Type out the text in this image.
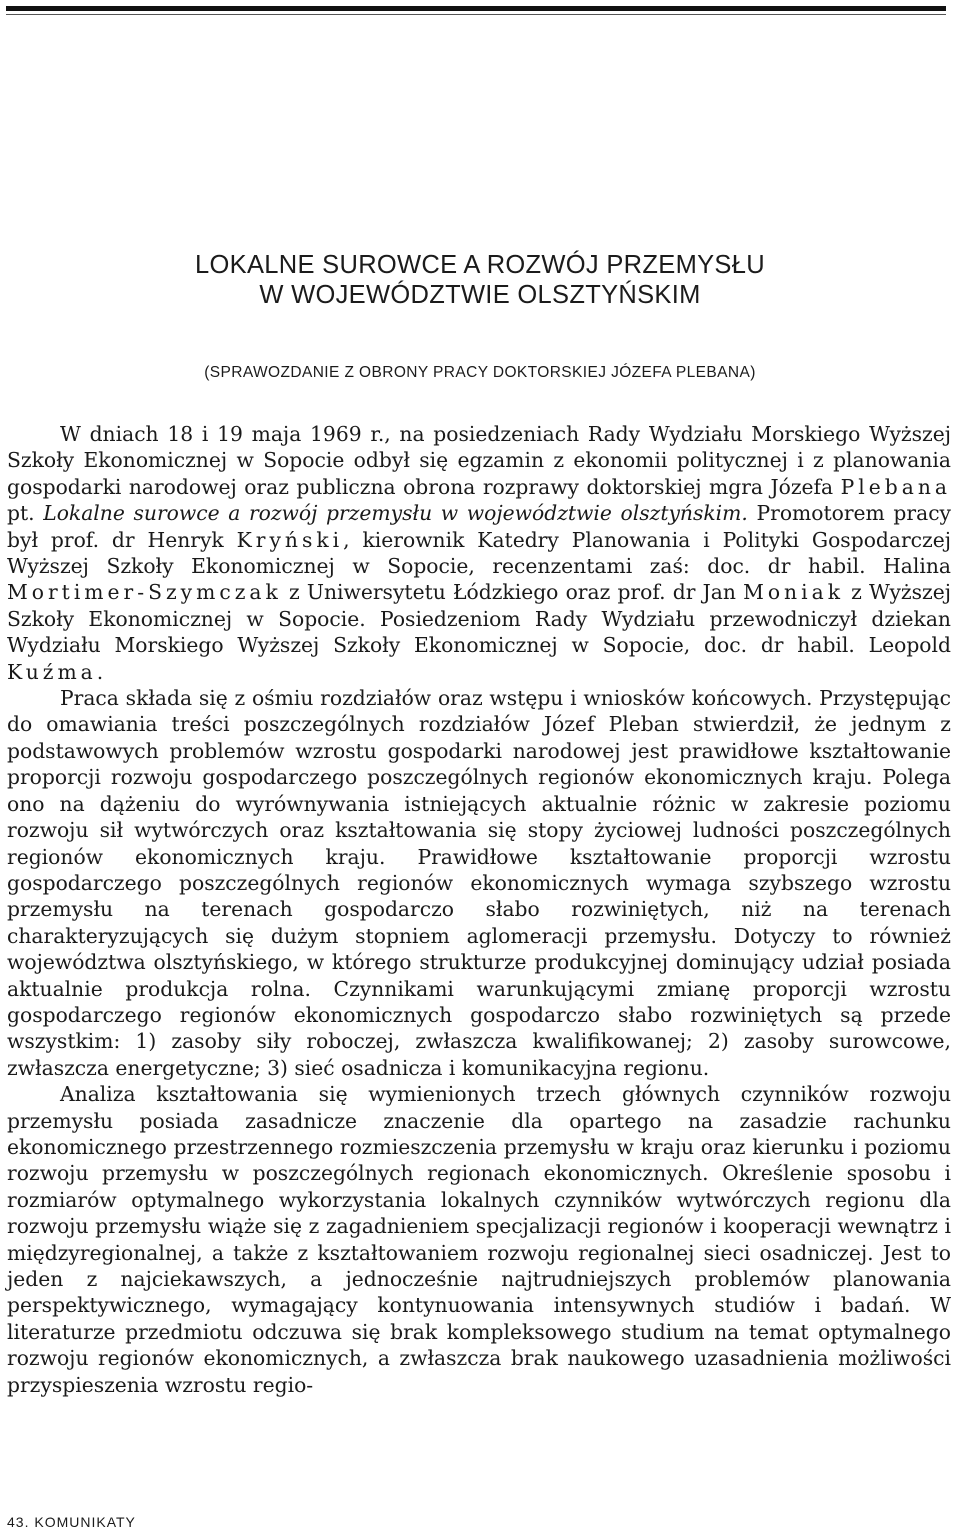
LOKALNE SUROWCE A ROZWÓJ PRZEMYSŁU
W WOJEWÓDZTWIE OLSZTYŃSKIM
(SPRAWOZDANIE Z OBRONY PRACY DOKTORSKIEJ JÓZEFA PLEBANA)

W dniach 18 i 19 maja 1969 r., na posiedzeniach Rady Wydziału Morskiego Wyższej Szkoły Ekonomicznej w Sopocie odbył się egzamin z ekonomii politycznej i z planowania gospodarki narodowej oraz publiczna obrona rozprawy doktorskiej mgra Józefa Plebana pt. Lokalne surowce a rozwój przemysłu w województwie olsztyńskim. Promotorem pracy był prof. dr Henryk Kryński, kierownik Katedry Planowania i Polityki Gospodarczej Wyższej Szkoły Ekonomicznej w Sopocie, recenzentami zaś: doc. dr habil. Halina Mortimer-Szymczak z Uniwersytetu Łódzkiego oraz prof. dr Jan Moniak z Wyższej Szkoły Ekonomicznej w Sopocie. Posiedzeniom Rady Wydziału przewodniczył dziekan Wydziału Morskiego Wyższej Szkoły Ekonomicznej w Sopocie, doc. dr habil. Leopold Kuźma.

Praca składa się z ośmiu rozdziałów oraz wstępu i wniosków końcowych. Przystępując do omawiania treści poszczególnych rozdziałów Józef Pleban stwierdził, że jednym z podstawowych problemów wzrostu gospodarki narodowej jest prawidłowe kształtowanie proporcji rozwoju gospodarczego poszczególnych regionów ekonomicznych kraju. Polega ono na dążeniu do wyrównywania istniejących aktualnie różnic w zakresie poziomu rozwoju sił wytwórczych oraz kształtowania się stopy życiowej ludności poszczególnych regionów ekonomicznych kraju. Prawidłowe kształtowanie proporcji wzrostu gospodarczego poszczególnych regionów ekonomicznych wymaga szybszego wzrostu przemysłu na terenach gospodarczo słabo rozwiniętych, niż na terenach charakteryzujących się dużym stopniem aglomeracji przemysłu. Dotyczy to również województwa olsztyńskiego, w którego strukturze produkcyjnej dominujący udział posiada aktualnie produkcja rolna. Czynnikami warunkującymi zmianę proporcji wzrostu gospodarczego regionów ekonomicznych gospodarczo słabo rozwiniętych są przede wszystkim: 1) zasoby siły roboczej, zwłaszcza kwalifikowanej; 2) zasoby surowcowe, zwłaszcza energetyczne; 3) sieć osadnicza i komunikacyjna regionu.

Analiza kształtowania się wymienionych trzech głównych czynników rozwoju przemysłu posiada zasadnicze znaczenie dla opartego na zasadzie rachunku ekonomicznego przestrzennego rozmieszczenia przemysłu w kraju oraz kierunku i poziomu rozwoju przemysłu w poszczególnych regionach ekonomicznych. Określenie sposobu i rozmiarów optymalnego wykorzystania lokalnych czynników wytwórczych regionu dla rozwoju przemysłu wiąże się z zagadnieniem specjalizacji regionów i kooperacji wewnątrz i międzyregionalnej, a także z kształtowaniem rozwoju regionalnej sieci osadniczej. Jest to jeden z najciekawszych, a jednocześnie najtrudniejszych problemów planowania perspektywicznego, wymagający kontynuowania intensywnych studiów i badań. W literaturze przedmiotu odczuwa się brak kompleksowego studium na temat optymalnego rozwoju regionów ekonomicznych, a zwłaszcza brak naukowego uzasadnienia możliwości przyspieszenia wzrostu regio-

43. KOMUNIKATY
